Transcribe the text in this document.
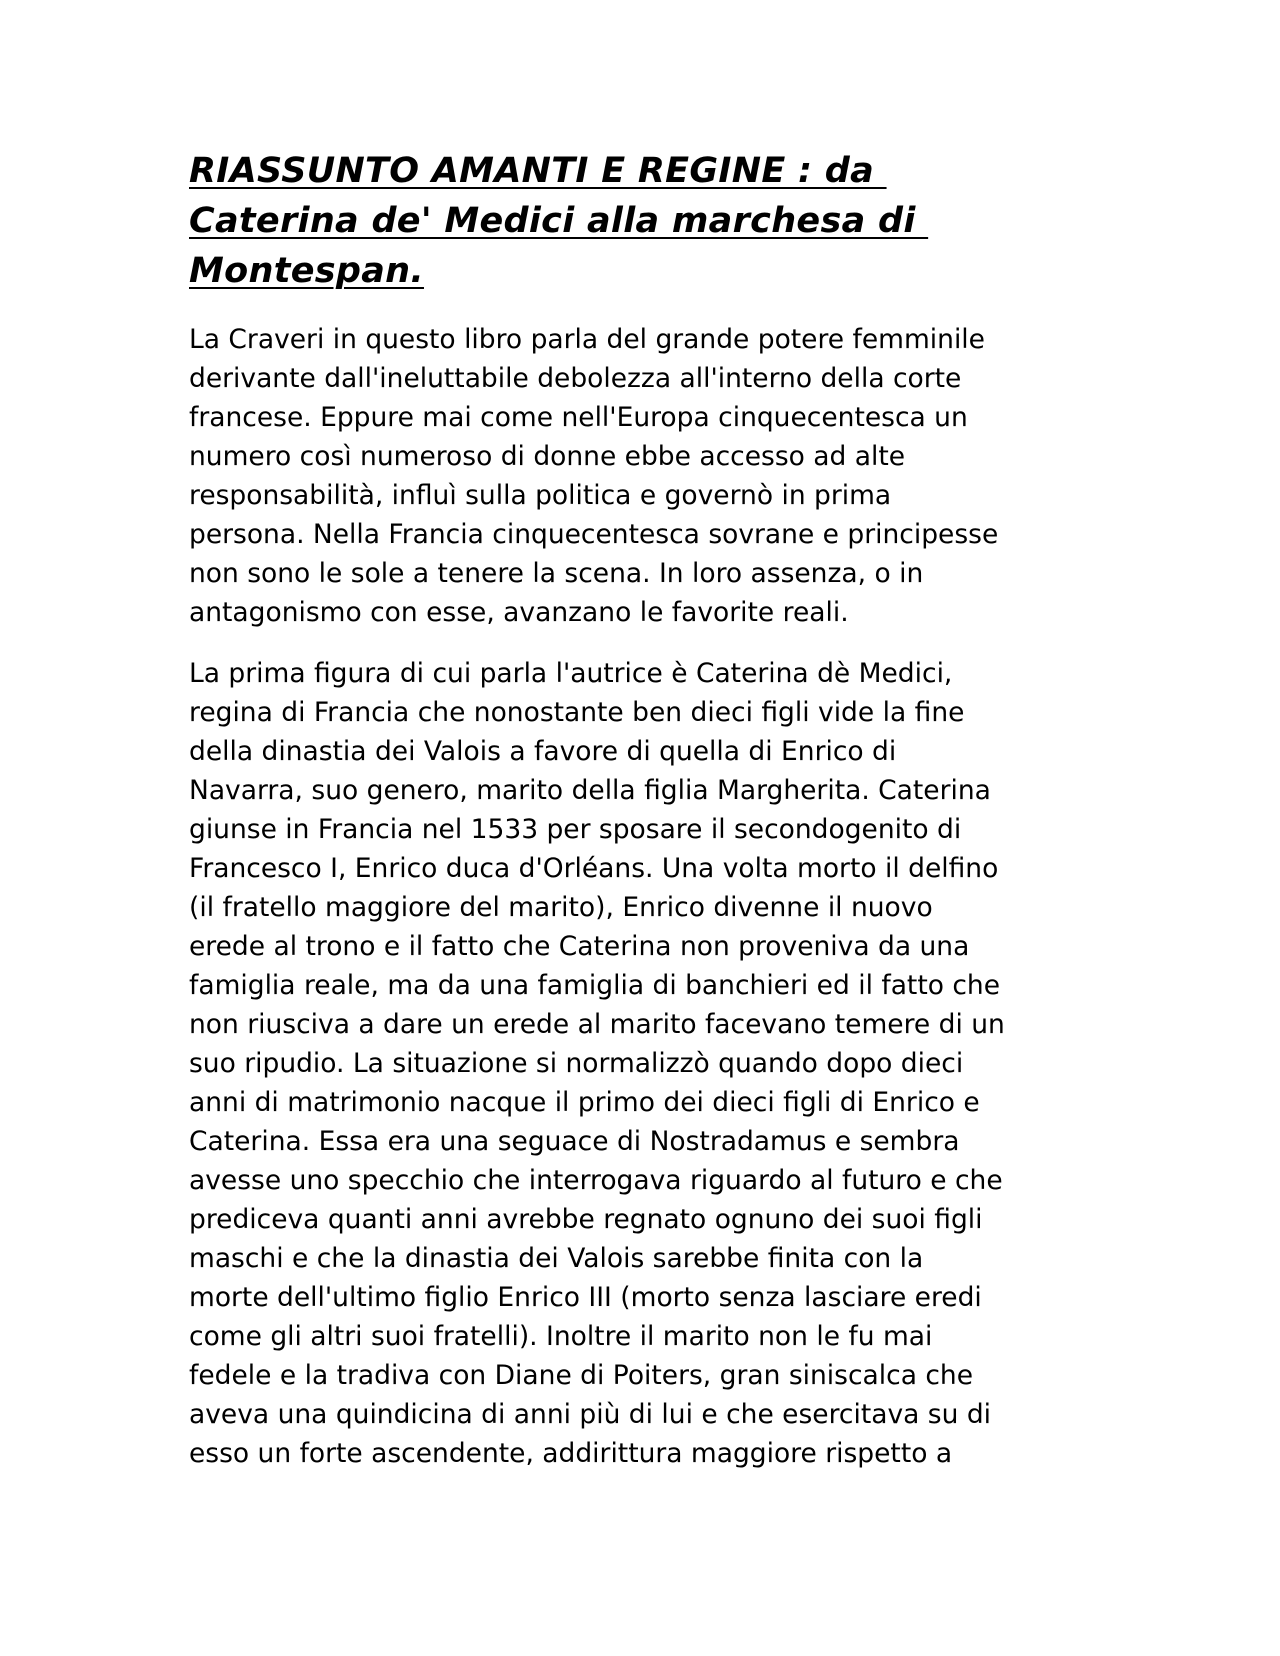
RIASSUNTO AMANTI E REGINE : da
Caterina de' Medici alla marchesa di
Montespan.

La Craveri in questo libro parla del grande potere femminile
derivante dall'ineluttabile debolezza all'interno della corte
francese. Eppure mai come nell'Europa cinquecentesca un
numero così numeroso di donne ebbe accesso ad alte
responsabilità, influì sulla politica e governò in prima
persona. Nella Francia cinquecentesca sovrane e principesse
non sono le sole a tenere la scena. In loro assenza, o in
antagonismo con esse, avanzano le favorite reali.

La prima figura di cui parla l'autrice è Caterina dè Medici,
regina di Francia che nonostante ben dieci figli vide la fine
della dinastia dei Valois a favore di quella di Enrico di
Navarra, suo genero, marito della figlia Margherita. Caterina
giunse in Francia nel 1533 per sposare il secondogenito di
Francesco I, Enrico duca d'Orléans. Una volta morto il delfino
(il fratello maggiore del marito), Enrico divenne il nuovo
erede al trono e il fatto che Caterina non proveniva da una
famiglia reale, ma da una famiglia di banchieri ed il fatto che
non riusciva a dare un erede al marito facevano temere di un
suo ripudio. La situazione si normalizzò quando dopo dieci
anni di matrimonio nacque il primo dei dieci figli di Enrico e
Caterina. Essa era una seguace di Nostradamus e sembra
avesse uno specchio che interrogava riguardo al futuro e che
prediceva quanti anni avrebbe regnato ognuno dei suoi figli
maschi e che la dinastia dei Valois sarebbe finita con la
morte dell'ultimo figlio Enrico III (morto senza lasciare eredi
come gli altri suoi fratelli). Inoltre il marito non le fu mai
fedele e la tradiva con Diane di Poiters, gran siniscalca che
aveva una quindicina di anni più di lui e che esercitava su di
esso un forte ascendente, addirittura maggiore rispetto a
